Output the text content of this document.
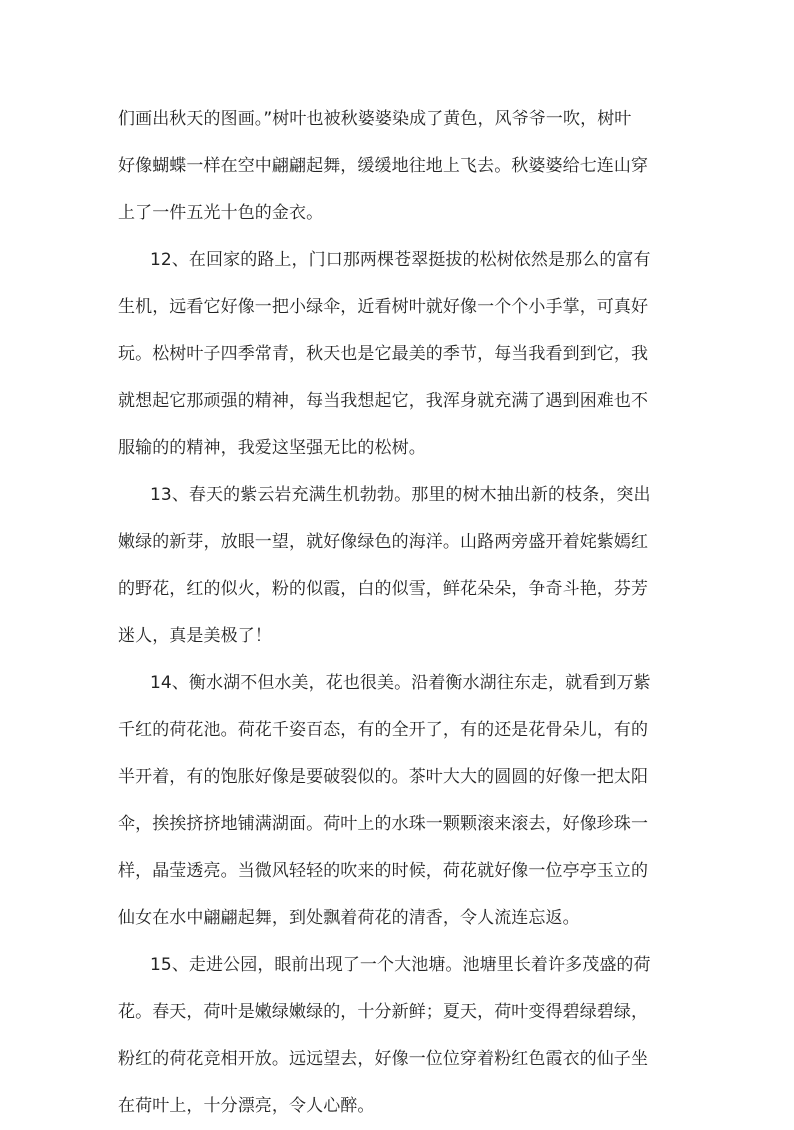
们画出秋天的图画。”树叶也被秋婆婆染成了黄色，风爷爷一吹，树叶
好像蝴蝶一样在空中翩翩起舞，缓缓地往地上飞去。秋婆婆给七连山穿
上了一件五光十色的金衣。
12、在回家的路上，门口那两棵苍翠挺拔的松树依然是那么的富有
生机，远看它好像一把小绿伞，近看树叶就好像一个个小手掌，可真好
玩。松树叶子四季常青，秋天也是它最美的季节，每当我看到到它，我
就想起它那顽强的精神，每当我想起它，我浑身就充满了遇到困难也不
服输的的精神，我爱这坚强无比的松树。
13、春天的紫云岩充满生机勃勃。那里的树木抽出新的枝条，突出
嫩绿的新芽，放眼一望，就好像绿色的海洋。山路两旁盛开着姹紫嫣红
的野花，红的似火，粉的似霞，白的似雪，鲜花朵朵，争奇斗艳，芬芳
迷人，真是美极了！
14、衡水湖不但水美，花也很美。沿着衡水湖往东走，就看到万紫
千红的荷花池。荷花千姿百态，有的全开了，有的还是花骨朵儿，有的
半开着，有的饱胀好像是要破裂似的。茶叶大大的圆圆的好像一把太阳
伞，挨挨挤挤地铺满湖面。荷叶上的水珠一颗颗滚来滚去，好像珍珠一
样，晶莹透亮。当微风轻轻的吹来的时候，荷花就好像一位亭亭玉立的
仙女在水中翩翩起舞，到处飘着荷花的清香，令人流连忘返。
15、走进公园，眼前出现了一个大池塘。池塘里长着许多茂盛的荷
花。春天，荷叶是嫩绿嫩绿的，十分新鲜；夏天，荷叶变得碧绿碧绿，
粉红的荷花竞相开放。远远望去，好像一位位穿着粉红色霞衣的仙子坐
在荷叶上，十分漂亮，令人心醉。
